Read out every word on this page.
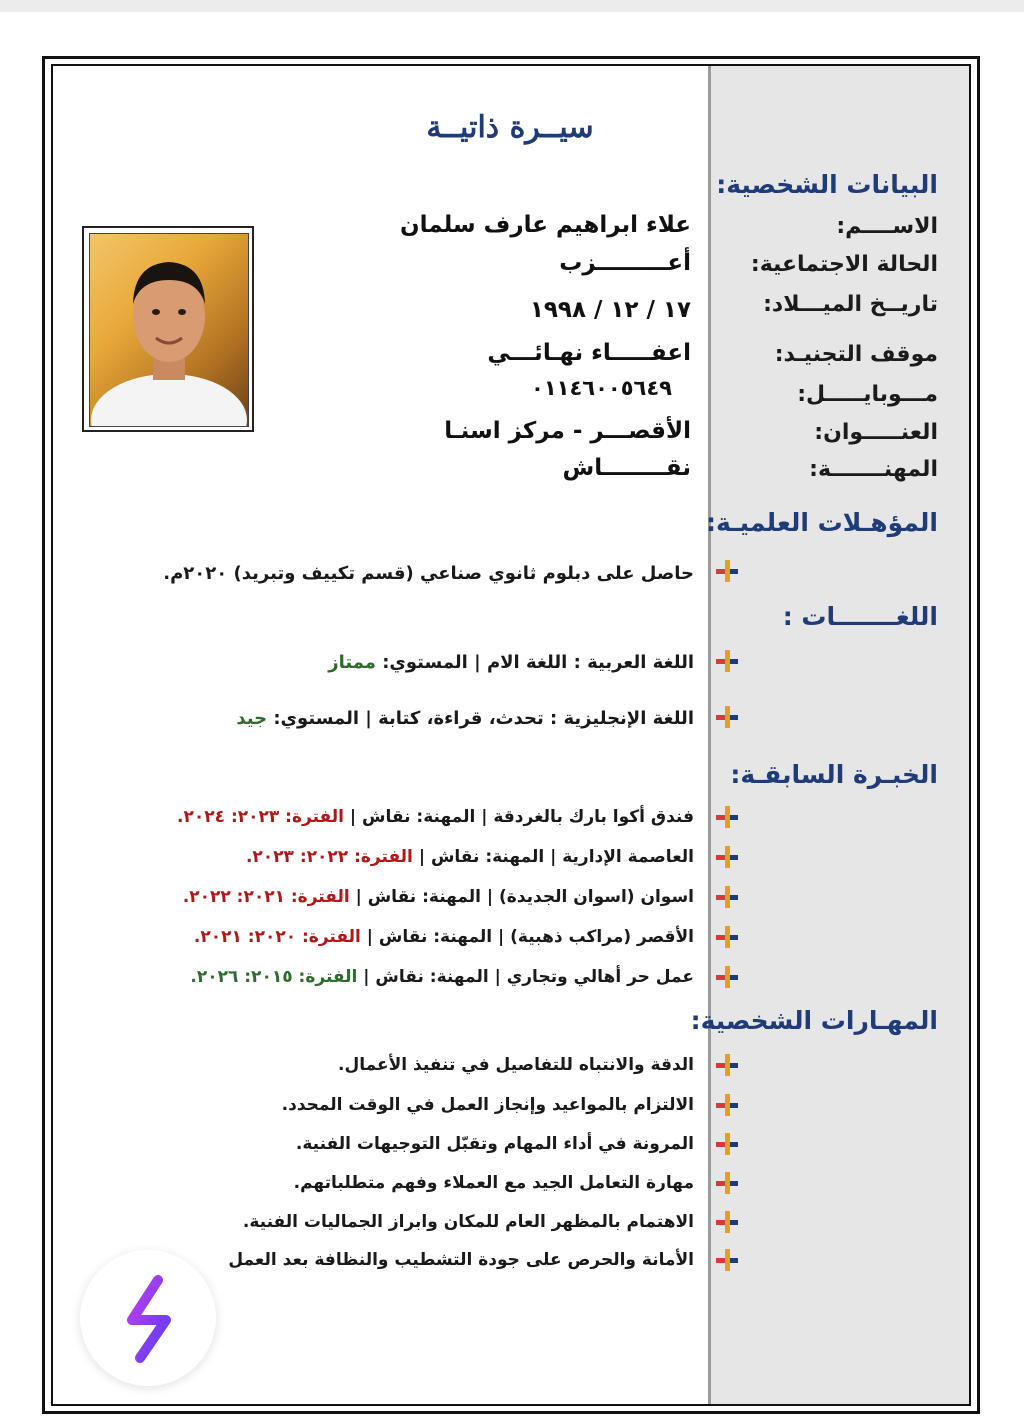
سيــرة ذاتيــة
البيانات الشخصية:
الاســــم:
علاء ابراهيم عارف سلمان
الحالة الاجتماعية:
أعـــــــــزب
تاريــخ الميـــلاد:
١٧ / ١٢ / ١٩٩٨
موقف التجنيـد:
اعفـــــاء نهـائـــي
مـــوبايـــــل:
٠١١٤٦٠٠٥٦٤٩
العنـــــوان:
الأقصـــر - مركز اسنـا
المهنـــــــة:
نقــــــــاش
المؤهـلات العلميـة:
حاصل على دبلوم ثانوي صناعي (قسم تكييف وتبريد) ٢٠٢٠م.
اللغـــــــات :
اللغة العربية : اللغة الام | المستوي: ممتاز
اللغة الإنجليزية : تحدث، قراءة، كتابة | المستوي: جيد
الخبـرة السابقـة:
فندق أكوا بارك بالغردقة | المهنة: نقاش | الفترة: ٢٠٢٣: ٢٠٢٤.
العاصمة الإدارية | المهنة: نقاش | الفترة: ٢٠٢٢: ٢٠٢٣.
اسوان (اسوان الجديدة) | المهنة: نقاش | الفترة: ٢٠٢١: ٢٠٢٢.
الأقصر (مراكب ذهبية) | المهنة: نقاش | الفترة: ٢٠٢٠: ٢٠٢١.
عمل حر أهالي وتجاري | المهنة: نقاش | الفترة: ٢٠١٥: ٢٠٢٦.
المهـارات الشخصية:
الدقة والانتباه للتفاصيل في تنفيذ الأعمال.
الالتزام بالمواعيد وإنجاز العمل في الوقت المحدد.
المرونة في أداء المهام وتقبّل التوجيهات الفنية.
مهارة التعامل الجيد مع العملاء وفهم متطلباتهم.
الاهتمام بالمظهر العام للمكان وابراز الجماليات الفنية.
الأمانة والحرص على جودة التشطيب والنظافة بعد العمل
